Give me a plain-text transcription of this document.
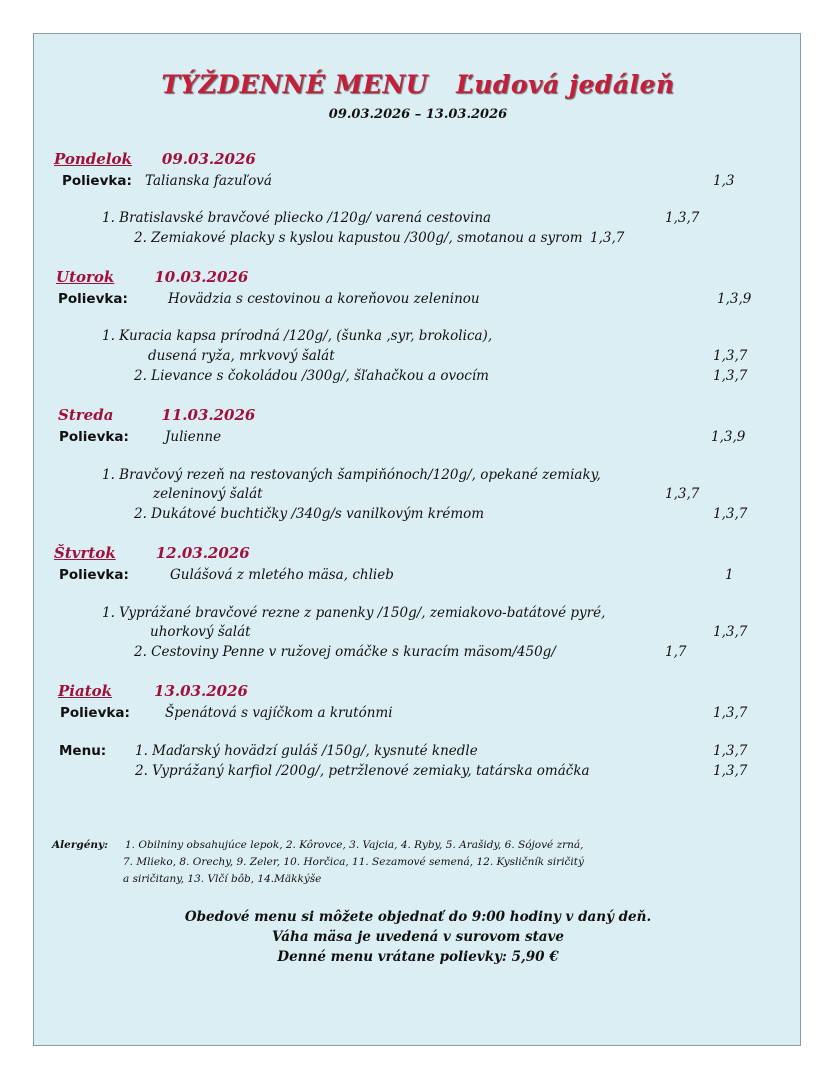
TÝŽDENNÉ MENU Ľudová jedáleň
09.03.2026 – 13.03.2026
Pondelok 09.03.2026
Polievka: Talianska fazuľová	1,3
1. Bratislavské bravčové pliecko /120g/ varená cestovina	1,3,7
2. Zemiakové placky s kyslou kapustou /300g/, smotanou a syrom 1,3,7
Utorok	10.03.2026
Polievka:	Hovädzia s cestovinou a koreňovou zeleninou	1,3,9
1. Kuracia kapsa prírodná /120g/, (šunka ,syr, brokolica),
dusená ryža, mrkvový šalát	1,3,7
2. Lievance s čokoládou /300g/, šľahačkou a ovocím	1,3,7
Streda	11.03.2026
Polievka:	Julienne	1,3,9
1. Bravčový rezeň na restovaných šampiňónoch/120g/, opekané zemiaky,
zeleninový šalát	1,3,7
2. Dukátové buchtičky /340g/s vanilkovým krémom	1,3,7
Štvrtok	12.03.2026
Polievka:	Gulášová z mletého mäsa, chlieb	1
1. Vyprážané bravčové rezne z panenky /150g/, zemiakovo-batátové pyré,
uhorkový šalát	1,3,7
2. Cestoviny Penne v ružovej omáčke s kuracím mäsom/450g/	1,7
Piatok	13.03.2026
Polievka:	Špenátová s vajíčkom a krutónmi	1,3,7
Menu: 1. Maďarský hovädzí guláš /150g/, kysnuté knedle	1,3,7
2. Vyprážaný karfiol /200g/, petržlenové zemiaky, tatárska omáčka	1,3,7
Alergény: 1. Obilniny obsahujúce lepok, 2. Kôrovce, 3. Vajcia, 4. Ryby, 5. Arašidy, 6. Sójové zrná,
7. Mlieko, 8. Orechy, 9. Zeler, 10. Horčica, 11. Sezamové semená, 12. Kysličník siričitý
a siričitany, 13. Vlčí bôb, 14.Mäkkýše
Obedové menu si môžete objednať do 9:00 hodiny v daný deň.
Váha mäsa je uvedená v surovom stave
Denné menu vrátane polievky: 5,90 €
